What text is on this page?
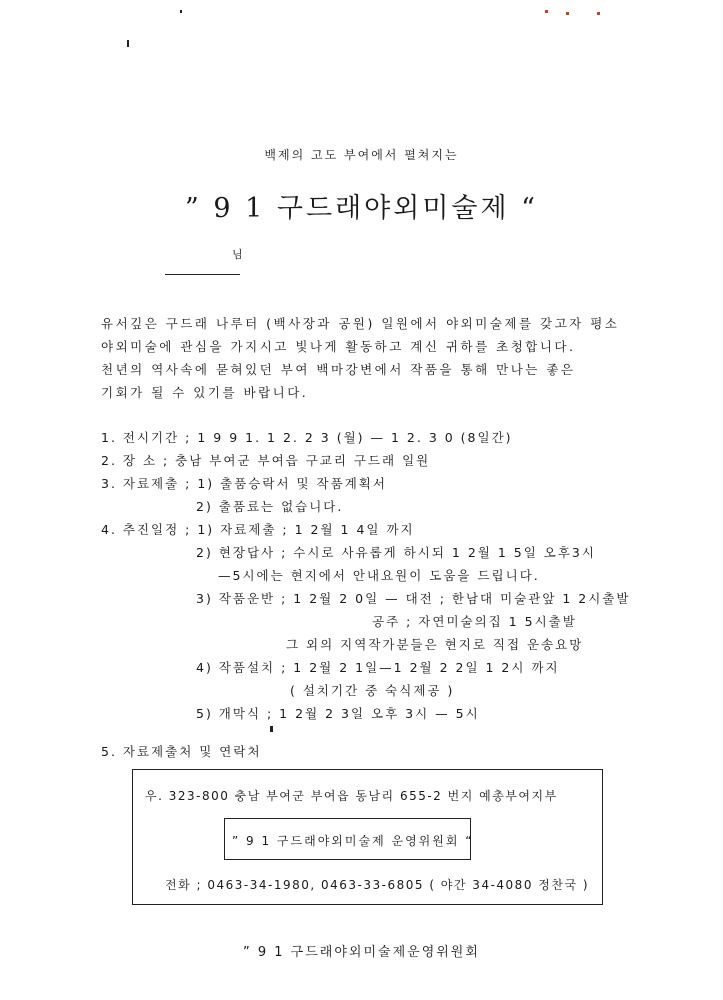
백제의 고도 부여에서 펼쳐지는
” 9 1 구드래야외미술제 “
님
유서깊은 구드래 나루터 (백사장과 공원) 일원에서 야외미술제를 갖고자 평소
야외미술에 관심을 가지시고 빛나게 활동하고 계신 귀하를 초청합니다.
천년의 역사속에 묻혀있던 부여 백마강변에서 작품을 통해 만나는 좋은
기회가 될 수 있기를 바랍니다.
1. 전시기간 ; 1 9 9 1. 1 2. 2 3 (월) — 1 2. 3 0 (8일간)
2. 장 소 ; 충남 부여군 부여읍 구교리 구드래 일원
3. 자료제출 ; 1) 출품승락서 및 작품계획서
2) 출품료는 없습니다.
4. 추진일정 ; 1) 자료제출 ; 1 2월 1 4일 까지
2) 현장답사 ; 수시로 사유롭게 하시되 1 2월 1 5일 오후3시
—5시에는 현지에서 안내요원이 도움을 드립니다.
3) 작품운반 ; 1 2월 2 0일 — 대전 ; 한남대 미술관앞 1 2시출발
공주 ; 자연미술의집 1 5시출발
그 외의 지역작가분들은 현지로 직접 운송요망
4) 작품설치 ; 1 2월 2 1일—1 2월 2 2일 1 2시 까지
( 설치기간 중 숙식제공 )
5) 개막식 ; 1 2월 2 3일 오후 3시 — 5시
5. 자료제출처 및 연락처
우. 323-800 충남 부여군 부여읍 동남리 655-2 번지 예총부여지부
” 9 1 구드래야외미술제 운영위원회 “
전화 ; 0463-34-1980, 0463-33-6805 ( 야간 34-4080 정찬국 )
” 9 1 구드래야외미술제운영위원회
